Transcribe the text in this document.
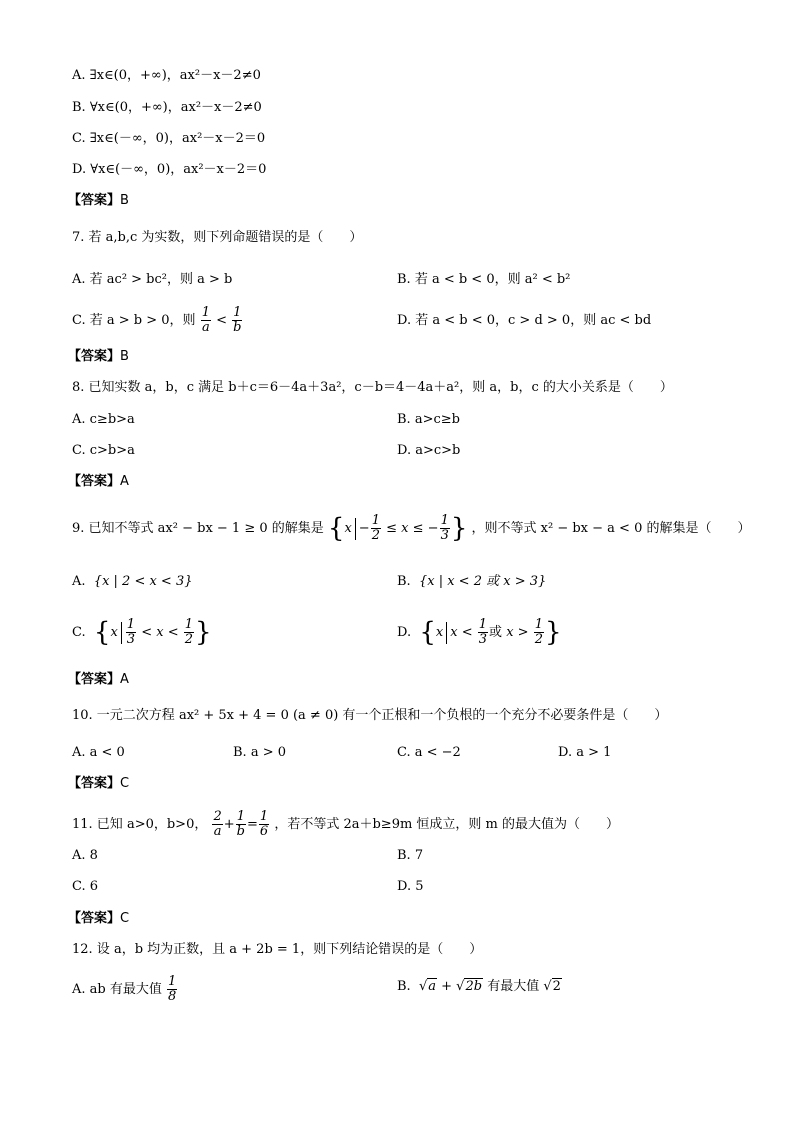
A. ∃x∈(0，+∞)，ax²－x－2≠0
B. ∀x∈(0，+∞)，ax²－x－2≠0
C. ∃x∈(－∞，0)，ax²－x－2＝0
D. ∀x∈(－∞，0)，ax²－x－2＝0
【答案】B
7. 若 a,b,c 为实数，则下列命题错误的是（　　）
A. 若 ac² > bc²，则 a > b	B. 若 a < b < 0，则 a² < b²
C. 若 a > b > 0，则 $\frac{1}{a} < \frac{1}{b}$	D. 若 a < b < 0，c > d > 0，则 ac < bd
【答案】B
8. 已知实数 a，b，c 满足 b＋c＝6－4a＋3a²，c－b＝4－4a＋a²，则 a，b，c 的大小关系是（　　）
A. c≥b>a	B. a>c≥b
C. c>b>a	D. a>c>b
【答案】A
9. 已知不等式 ax² − bx − 1 ≥ 0 的解集是 {$x - \frac{1}{2} \le x$ ≤ − $\frac{1}{3}$ } ，则不等式 x² − bx − a < 0 的解集是（　　）
A. {x | 2 < x < 3}	B. {x | x < 2 或 x > 3}
C. {$x \frac{1}{3} < x < \frac{1}{2}$ }	D. {x $x < \frac{1}{3}$ 或 $x > \frac{1}{2}$ }
【答案】A
10. 一元二次方程 ax² + 5x + 4 = 0 (a ≠ 0) 有一个正根和一个负根的一个充分不必要条件是（　　）
A. a < 0	B. a > 0	C. a < −2	D. a > 1
【答案】C
11. 已知 a>0，b>0， $\frac{2}{a} + \frac{1}{b} = \frac{1}{6}$ ，若不等式 2a＋b≥9m 恒成立，则 m 的最大值为（　　）
A. 8	B. 7
C. 6	D. 5
【答案】C
12. 设 a，b 均为正数，且 a + 2b = 1，则下列结论错误的是（　　）
A. ab 有最大值 $\frac{1}{8}$	B.  √a + √2b 有最大值 √2
